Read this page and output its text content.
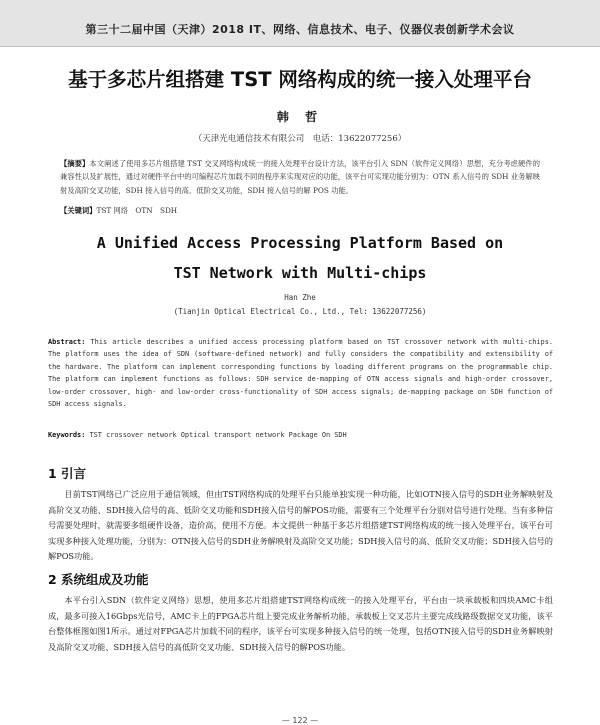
第三十二届中国（天津）2018 IT、网络、信息技术、电子、仪器仪表创新学术会议
基于多芯片组搭建 TST 网络构成的统一接入处理平台
韩 哲
（天津光电通信技术有限公司　电话：13622077256）
【摘要】本文阐述了使用多芯片组搭建 TST 交叉网络构成统一的接入处理平台设计方法，该平台引入 SDN（软件定义网络）思想，充分考虑硬件的兼容性以及扩展性，通过对硬件平台中的可编程芯片加载不同的程序来实现对应的功能，该平台可实现功能分别为：OTN 系入信号的 SDH 业务解映射及高阶交叉功能，SDH 接入信号的高、低阶交叉功能，SDH 接入信号的解 POS 功能。
【关键词】TST 网络　OTN　SDH
A Unified Access Processing Platform Based on
TST Network with Multi-chips
Han Zhe
(Tianjin Optical Electrical Co., Ltd., Tel: 13622077256)
Abstract: This article describes a unified access processing platform based on TST crossover network with multi-chips. The platform uses the idea of SDN (software-defined network) and fully considers the compatibility and extensibility of the hardware. The platform can implement corresponding functions by loading different programs on the programmable chip. The platform can implement functions as follows: SDH service de-mapping of OTN access signals and high-order crossover, low-order crossover, high- and low-order cross-functionality of SDH access signals; de-mapping package on SDH function of SDH access signals.
Keywords: TST crossover network Optical transport network Package On SDH
1 引言
目前TST网络已广泛应用于通信领域，但由TST网络构成的处理平台只能单独实现一种功能，比如OTN接入信号的SDH业务解映射及高阶交叉功能、SDH接入信号的高、低阶交叉功能和SDH接入信号的解POS功能，需要有三个处理平台分别对信号进行处理。当有多种信号需要处理时，就需要多组硬件设备，造价高，使用不方便。本文提供一种基于多芯片组搭建TST网络构成的统一接入处理平台，该平台可实现多种接入处理功能，分别为：OTN接入信号的SDH业务解映射及高阶交叉功能；SDH接入信号的高、低阶交叉功能；SDH接入信号的解POS功能。
2 系统组成及功能
本平台引入SDN（软件定义网络）思想，使用多芯片组搭建TST网络构成统一的接入处理平台，平台由一块承载板和四块AMC卡组成，最多可接入16Gbps光信号，AMC卡上的FPGA芯片组上要完成业务解析功能，承载板上交叉芯片主要完成线路级数据交叉功能，该平台整体框图如图1所示。通过对FPGA芯片加载不同的程序，该平台可实现多种接入信号的统一处理，包括OTN接入信号的SDH业务解映射及高阶交叉功能、SDH接入信号的高低阶交叉功能、SDH接入信号的解POS功能。
— 122 —
